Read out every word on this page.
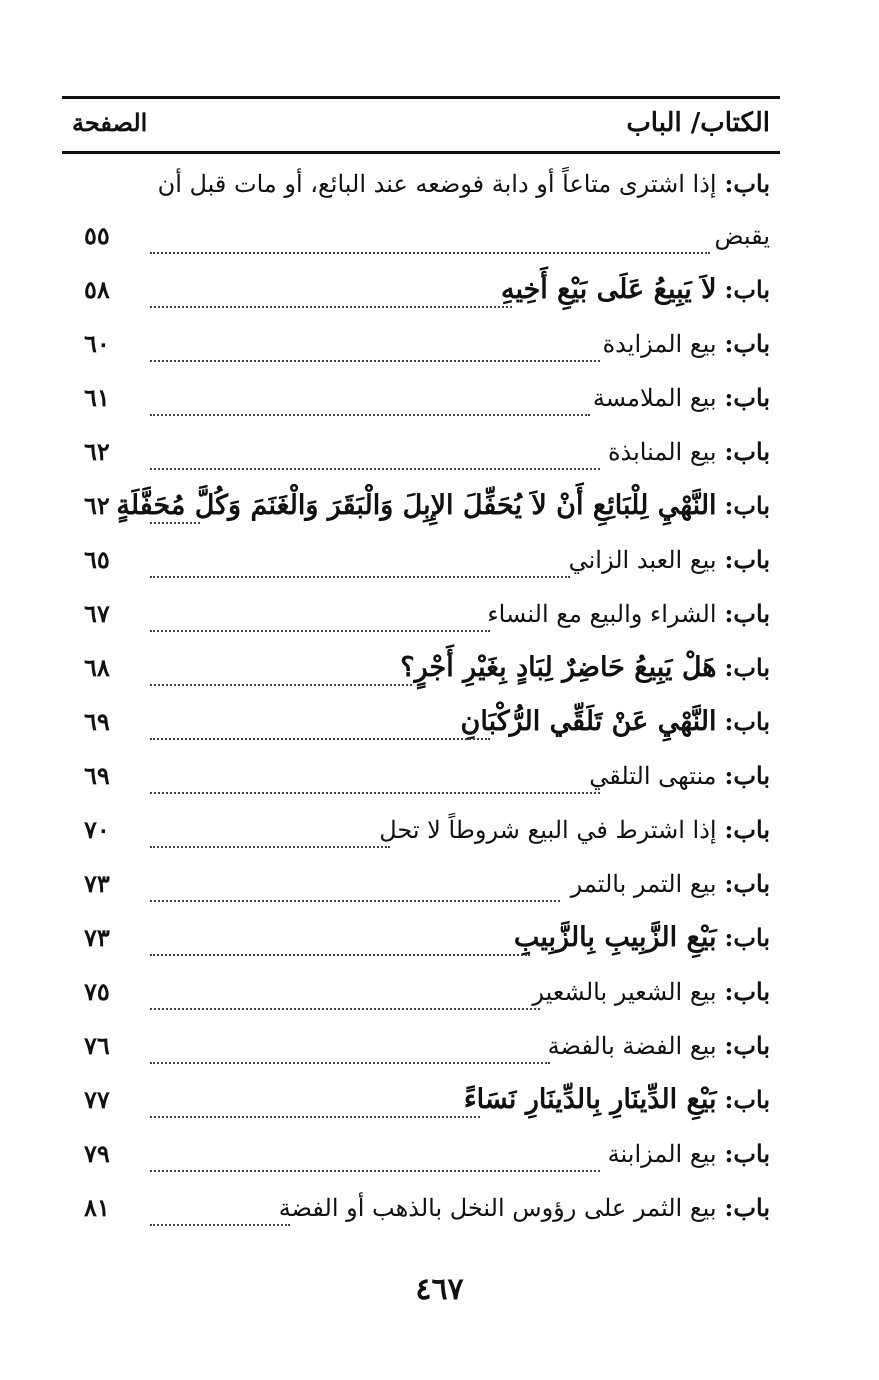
الكتاب/ الباب
الصفحة
باب:إذا اشترى متاعاً أو دابة فوضعه عند البائع، أو مات قبل أن
يقبض
٥٥
باب:لاَ يَبِيعُ عَلَى بَيْعِ أَخِيهِ
٥٨
باب:بيع المزايدة
٦٠
باب:بيع الملامسة
٦١
باب:بيع المنابذة
٦٢
باب:النَّهْيِ لِلْبَائِعِ أَنْ لاَ يُحَفِّلَ الإِبِلَ وَالْبَقَرَ وَالْغَنَمَ وَكُلَّ مُحَفَّلَةٍ
٦٢
باب:بيع العبد الزاني
٦٥
باب:الشراء والبيع مع النساء
٦٧
باب:هَلْ يَبِيعُ حَاضِرٌ لِبَادٍ بِغَيْرِ أَجْرٍ؟
٦٨
باب:النَّهْيِ عَنْ تَلَقِّي الرُّكْبَانِ
٦٩
باب:منتهى التلقي
٦٩
باب:إذا اشترط في البيع شروطاً لا تحل
٧٠
باب:بيع التمر بالتمر
٧٣
باب:بَيْعِ الزَّبِيبِ بِالزَّبِيبِ
٧٣
باب:بيع الشعير بالشعير
٧٥
باب:بيع الفضة بالفضة
٧٦
باب:بَيْعِ الدِّينَارِ بِالدِّينَارِ نَسَاءً
٧٧
باب:بيع المزابنة
٧٩
باب:بيع الثمر على رؤوس النخل بالذهب أو الفضة
٨١
٤٦٧
